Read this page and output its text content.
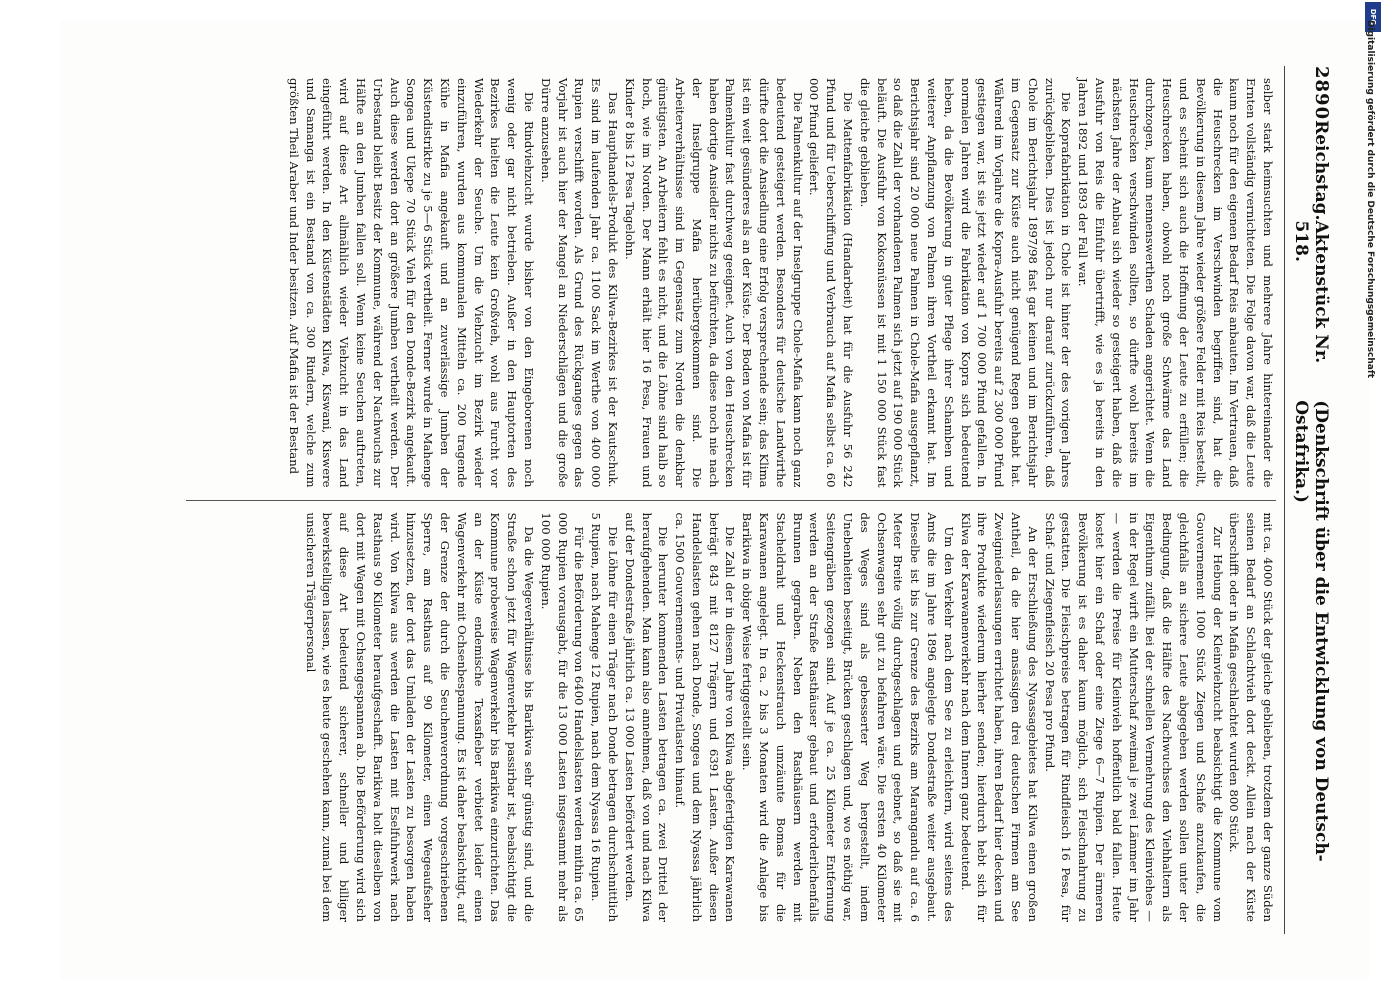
2890
Reichstag.
Aktenstück Nr. 518.
(Denkschrift über die Entwicklung von Deutsch-Ostafrika.)

selber stark heimsuchten und mehrere Jahre hintereinander die Ernten vollständig vernichteten. Die Folge davon war, daß die Leute kaum noch für den eigenen Bedarf Reis anbauten. Im Vertrauen, daß die Heuschrecken im Verschwinden begriffen sind, hat die Bevölkerung in diesem Jahre wieder größere Felder mit Reis bestellt, und es scheint sich auch die Hoffnung der Leute zu erfüllen; die Heuschrecken haben, obwohl noch große Schwärme das Land durchzogen, kaum nennenswerthen Schaden angerichtet. Wenn die Heuschrecken verschwinden sollten, so dürfte wohl bereits im nächsten Jahre der Anbau sich wieder so gesteigert haben, daß die Ausfuhr von Reis die Einfuhr übertrifft, wie es ja bereits in den Jahren 1892 und 1893 der Fall war.

Die Koprafabrikation in Chole ist hinter der des vorigen Jahres zurückgeblieben. Dies ist jedoch nur darauf zurückzuführen, daß Chole im Berichtsjahr 1897/98 fast gar keinen und im Berichtsjahr im Gegensatz zur Küste auch nicht genügend Regen gehabt hat. Während im Vorjahre die Kopra-Ausfuhr bereits auf 2 300 000 Pfund gestiegen war, ist sie jetzt wieder auf 1 700 000 Pfund gefallen. In normalen Jahren wird die Fabrikation von Kopra sich bedeutend heben, da die Bevölkerung in guter Pflege ihrer Schamben und weiterer Anpflanzung von Palmen ihren Vortheil erkannt hat. Im Berichtsjahr sind 20 000 neue Palmen in Chole-Mafia ausgepflanzt, so daß die Zahl der vorhandenen Palmen sich jetzt auf 190 000 Stück beläuft. Die Ausfuhr von Kokosnüssen ist mit 1 150 000 Stück fast die gleiche geblieben.

Die Mattenfabrikation (Handarbeit) hat für die Ausfuhr 56 242 Pfund und für Ueberschiffung und Verbrauch auf Mafia selbst ca. 60 000 Pfund geliefert.

Die Palmenkultur auf der Inselgruppe Chole-Mafia kann noch ganz bedeutend gesteigert werden. Besonders für deutsche Landwirthe dürfte dort die Ansiedlung eine Erfolg versprechende sein; das Klima ist ein weit gesünderes als an der Küste. Der Boden von Mafia ist für Palmenkultur fast durchweg geeignet. Auch von den Heuschrecken haben dortige Ansiedler nichts zu befürchten, da diese noch nie nach der Inselgruppe Mafia herübergekommen sind. Die Arbeiterverhältnisse sind im Gegensatz zum Norden die denkbar günstigsten. An Arbeitern fehlt es nicht, und die Löhne sind halb so hoch, wie im Norden. Der Mann erhält hier 16 Pesa, Frauen und Kinder 8 bis 12 Pesa Tagelohn.

Das Haupthandels-Produkt des Kilwa-Bezirkes ist der Kautschuk. Es sind im laufenden Jahr ca. 1100 Sack im Werthe von 400 000 Rupien verschifft worden. Als Grund des Rückganges gegen das Vorjahr ist auch hier der Mangel an Niederschlägen und die große Dürre anzusehen.

Die Rindviehzucht wurde bisher von den Eingeborenen noch wenig oder gar nicht betrieben. Außer in den Hauptorten des Bezirkes hielten die Leute kein Großvieh, wohl aus Furcht vor Wiederkehr der Seuche. Um die Viehzucht im Bezirk wieder einzuführen, wurden aus kommunalen Mitteln ca. 200 tragende Kühe in Mafia angekauft und an zuverlässige Jumben der Küstendistrikte zu je 5—6 Stück vertheilt. Ferner wurde in Mahenge Songea und Ukepe 70 Stück Vieh für den Donde-Bezirk angekauft. Auch diese werden dort an größere Jumben vertheilt werden. Der Urbestand bleibt Besitz der Kommune, während der Nachwuchs zur Hälfte an den Jumben fallen soll. Wenn keine Seuchen auftreten, wird auf diese Art allmählich wieder Viehzucht in das Land eingeführt werden. In den Küstenstädten Kilwa, Kiswani, Kiswere und Samanga ist ein Bestand von ca. 300 Rindern, welche zum größten Theil Araber und Inder besitzen. Auf Mafia ist der Bestand

mit ca. 4000 Stück der gleiche geblieben, trotzdem der ganze Süden seinen Bedarf an Schlachtvieh dort deckt. Allein nach der Küste überschifft oder in Mafia geschlachtet wurden 800 Stück.

Zur Hebung der Kleinviehzucht beabsichtigt die Kommune vom Gouvernement 1000 Stück Ziegen und Schafe anzukaufen, die gleichfalls an sichere Leute abgegeben werden sollen unter der Bedingung, daß die Hälfte des Nachwuchses den Viehhaltern als Eigenthum zufällt. Bei der schnellen Vermehrung des Kleinviehes — in der Regel wirft ein Mutterschaf zweimal je zwei Lämmer im Jahr — werden die Preise für Kleinvieh hoffentlich bald fallen. Heute kostet hier ein Schaf oder eine Ziege 6—7 Rupien. Der ärmeren Bevölkerung ist es daher kaum möglich, sich Fleischnahrung zu gestatten. Die Fleischpreise betragen für Rindfleisch 16 Pesa, für Schaf- und Ziegenfleisch 20 Pesa pro Pfund.

An der Erschließung des Nyassagebietes hat Kilwa einen großen Antheil, da die hier ansässigen drei deutschen Firmen am See Zweigniederlassungen errichtet haben, ihren Bedarf hier decken und ihre Produkte wiederum hierher senden; hierdurch hebt sich für Kilwa der Karawanenverkehr nach dem Innern ganz bedeutend.

Um den Verkehr nach dem See zu erleichtern, wird seitens des Amts die im Jahre 1896 angelegte Dondestraße weiter ausgebaut. Dieselbe ist bis zur Grenze des Bezirks am Marangandu auf ca. 6 Meter Breite völlig durchgeschlagen und geebnet, so daß sie mit Ochsenwagen sehr gut zu befahren wäre. Die ersten 40 Kilometer des Weges sind als gebesserter Weg hergestellt, indem Unebenheiten beseitigt, Brücken geschlagen und, wo es nöthig war, Seitengräben gezogen sind. Auf je ca. 25 Kilometer Entfernung werden an der Straße Rasthäuser gebaut und erforderlichenfalls Brunnen gegraben. Neben den Rasthäusern werden mit Stacheldraht und Heckenstrauch umzäunte Bomas für die Karawanen angelegt. In ca. 2 bis 3 Monaten wird die Anlage bis Barikiwa in obiger Weise fertiggestellt sein.

Die Zahl der in diesem Jahre von Kilwa abgefertigten Karawanen beträgt 843 mit 8127 Trägern und 6391 Lasten. Außer diesen Handelslasten gehen nach Donde, Songea und dem Nyassa jährlich ca. 1500 Gouvernements- und Privatlasten hinauf.

Die herunter kommenden Lasten betragen ca. zwei Drittel der heraufgehenden. Man kann also annehmen, daß von und nach Kilwa auf der Dondestraße jährlich ca. 13 000 Lasten befördert werden.

Die Löhne für einen Träger nach Donde betragen durchschnittlich 5 Rupien, nach Mahenge 12 Rupien, nach dem Nyassa 16 Rupien.

Für die Beförderung von 6400 Handelslasten werden mithin ca. 65 000 Rupien vorausgabt, für die 13 000 Lasten insgesammt mehr als 100 000 Rupien.

Da die Wegeverhältnisse bis Barikiwa sehr günstig sind, und die Straße schon jetzt für Wagenverkehr passirbar ist, beabsichtigt die Kommune probeweise Wagenverkehr bis Barikiwa einzurichten. Das an der Küste endemische Texasfieber verbietet leider einen Wagenverkehr mit Ochsenbespannung. Es ist daher beabsichtigt, auf der Grenze der durch die Seuchenverordnung vorgeschriebenen Sperre, am Rasthaus auf 90 Kilometer, einen Wegeaufseher hinzusetzen, der dort das Umladen der Lasten zu besorgen haben wird. Von Kilwa aus werden die Lasten mit Eselfuhrwerk nach Rasthaus 90 Kilometer heraufgeschafft. Barikiwa holt dieselben von dort mit Wagen mit Ochsengespannen ab. Die Beförderung wird sich auf diese Art bedeutend sicherer, schneller und billiger bewerkstelligen lassen, wie es heute geschehen kann, zumal bei dem unsicheren Trägerpersonal

DFG
Digitalisierung gefördert durch die Deutsche Forschungsgemeinschaft
